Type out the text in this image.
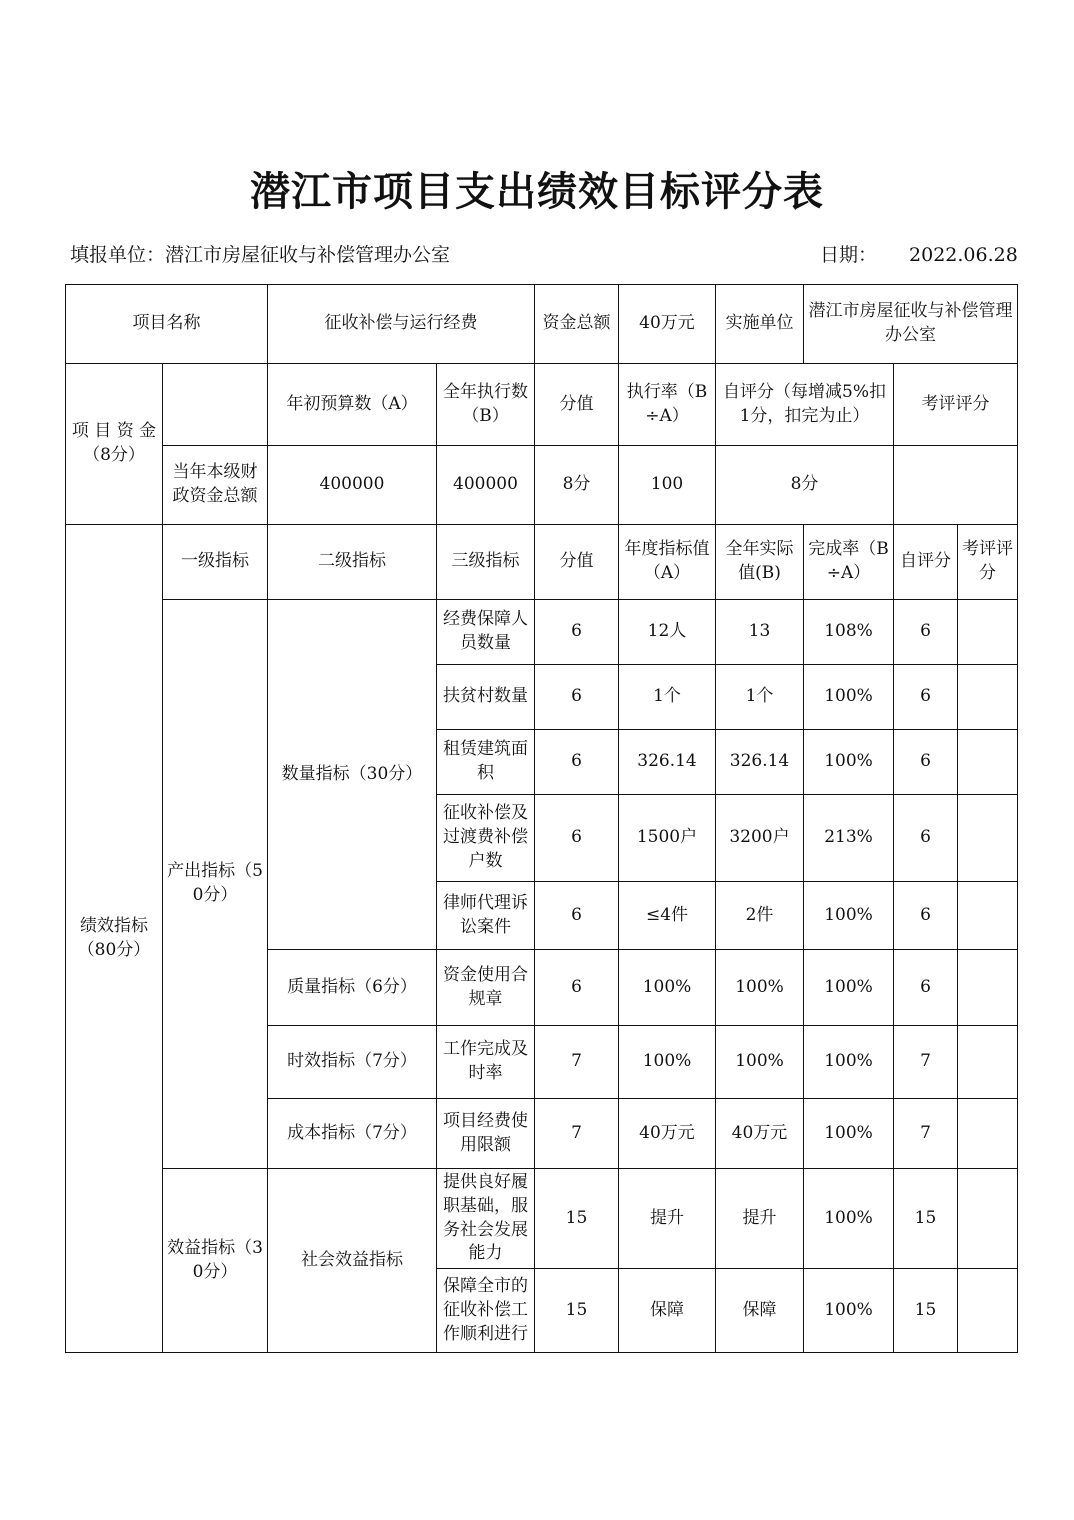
潜江市项目支出绩效目标评分表
填报单位：潜江市房屋征收与补偿管理办公室	日期： 2022.06.28
项目名称		征收补偿与运行经费		资金总额	40万元	实施单位	潜江市房屋征收与补偿管理办公室		
项 目 资 金（8分）		年初预算数（A）	全年执行数（B）	分值	执行率（B÷A）	自评分（每增减5%扣1分，扣完为止）		考评评分	
	当年本级财政资金总额	400000	400000	8分	100	8分			
绩效指标（80分）	一级指标	二级指标	三级指标	分值	年度指标值（A）	全年实际值(B)	完成率（B÷A）	自评分	考评评分
	产出指标（50分）	数量指标（30分）	经费保障人员数量	6	12人	13	108%	6	
			扶贫村数量	6	1个	1个	100%	6	
			租赁建筑面积	6	326.14	326.14	100%	6	
			征收补偿及过渡费补偿户数	6	1500户	3200户	213%	6	
			律师代理诉讼案件	6	≤4件	2件	100%	6	
		质量指标（6分）	资金使用合规章	6	100%	100%	100%	6	
		时效指标（7分）	工作完成及时率	7	100%	100%	100%	7	
		成本指标（7分）	项目经费使用限额	7	40万元	40万元	100%	7	
	效益指标（30分）	社会效益指标	提供良好履职基础，服务社会发展能力	15	提升	提升	100%	15	
			保障全市的征收补偿工作顺利进行	15	保障	保障	100%	15	
